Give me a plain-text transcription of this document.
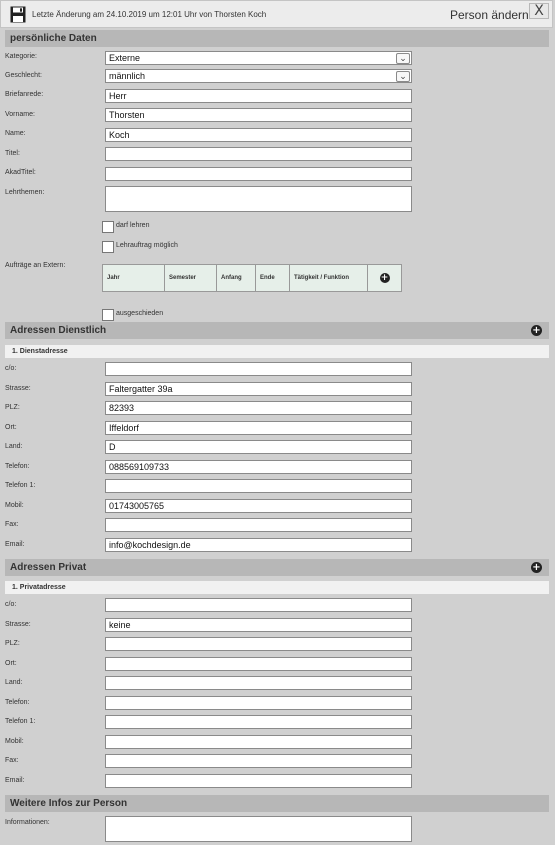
Letzte Änderung am 24.10.2019 um 12:01 Uhr von Thorsten Koch	Person ändern X
persönliche Daten
Kategorie:	Externe	⌄
Geschlecht:	männlich	⌄
Briefanrede:	Herr
Vorname:	Thorsten
Name:	Koch
Titel:
AkadTitel:
Lehrthemen:
darf lehren
Lehrauftrag möglich
Aufträge an Extern:
Jahr	Semester	Anfang	Ende	Tätigkeit / Funktion	+
ausgeschieden
Adressen Dienstlich	+
1. Dienstadresse
c/o:
Strasse:	Faltergatter 39a
PLZ:	82393
Ort:	Iffeldorf
Land:	D
Telefon:	088569109733
Telefon 1:
Mobil:	01743005765
Fax:
Email:	info@kochdesign.de
Adressen Privat	+
1. Privatadresse
c/o:
Strasse:	keine
PLZ:
Ort:
Land:
Telefon:
Telefon 1:
Mobil:
Fax:
Email:
Weitere Infos zur Person
Informationen:
